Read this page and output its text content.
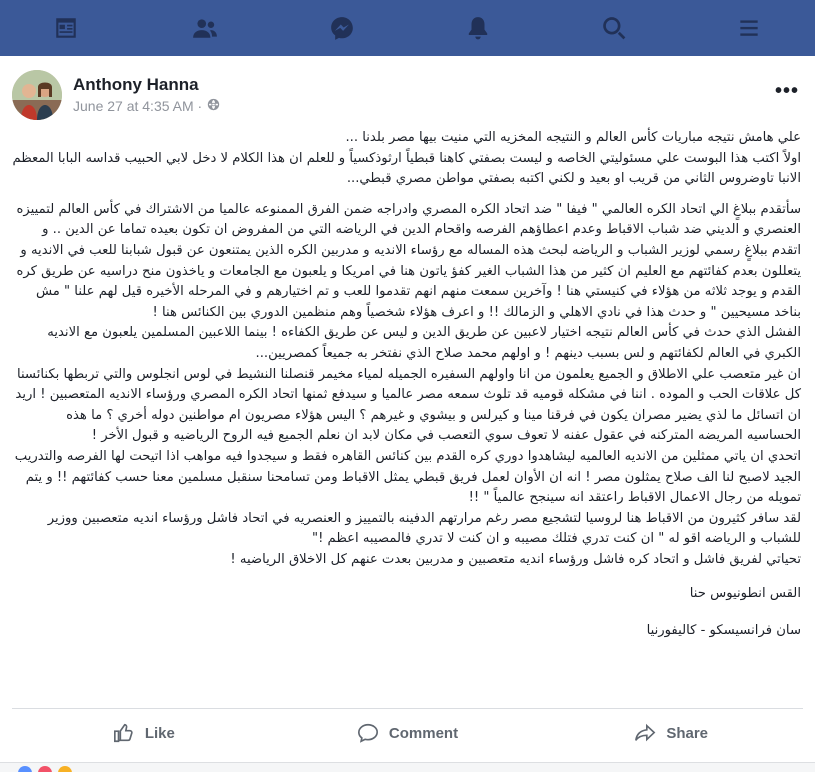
Anthony Hanna
June 27 at 4:35 AM ·
•••

علي هامش نتيجه مباريات كأس العالم و النتيجه المخزيه التي منيت بيها مصر بلدنا ...

اولاً اكتب هذا البوست علي مسئوليتي الخاصه و ليست بصفتي كاهنا قبطياً ارثوذكسياً و للعلم ان هذا الكلام لا دخل لابي الحبيب قداسه البابا المعظم الانبا تاوضروس الثاني من قريب او بعيد و لكني اكتبه بصفتي مواطن مصري قبطي...

سأتقدم ببلاغٍ الي اتحاد الكره العالمي " فيفا " ضد اتحاد الكره المصري وادراجه ضمن الفرق الممنوعه عالميا من الاشتراك في كأس العالم لتمييزه العنصري و الديني ضد شباب الاقباط وعدم اعطاؤهم الفرصه واقحام الدين في الرياضه التي من المفروض ان تكون بعيده تماما عن الدين .. و اتقدم ببلاغٍ رسمي لوزير الشباب و الرياضه لبحث هذه المساله مع رؤساء الانديه و مدربين الكره الذين يمتنعون عن قبول شبابنا للعب في الانديه و يتعللون بعدم كفائتهم مع العليم ان كثير من هذا الشباب الغير كفؤ ياتون هنا في امريكا و يلعبون مع الجامعات و ياخذون منح دراسيه عن طريق كره القدم و يوجد ثلاثه من هؤلاء في كنيستي هنا ! وآخرين سمعت منهم انهم تقدموا للعب و تم اختيارهم و في المرحله الأخيره قيل لهم علنا " مش بناخد مسيحيين " و حدث هذا في نادي الاهلي و الزمالك !! و اعرف هؤلاء شخصياً وهم منظمين الدوري بين الكنائس هنا !

الفشل الذي حدث في كأس العالم نتيجه اختيار لاعبين عن طريق الدين و ليس عن طريق الكفاءه ! بينما اللاعبين المسلمين يلعبون مع الانديه الكبري في العالم لكفائتهم و لس بسبب دينهم ! و اولهم محمد صلاح الذي نفتخر به جميعاً كمصريين...

ان غير متعصب علي الاطلاق و الجميع يعلمون من انا واولهم السفيره الجميله لمياء مخيمر قنصلنا النشيط في لوس انجلوس والتي تربطها بكنائسنا كل علاقات الحب و الموده . اننا في مشكله قوميه قد تلوث سمعه مصر عالميا و سيدفع ثمنها اتحاد الكره المصري ورؤساء الانديه المتعصبين ! اريد ان اتسائل ما لذي يضير مصران يكون في فرقنا مينا و كيرلس و بيشوي و غيرهم ؟ اليس هؤلاء مصريون ام مواطنين دوله أخري ؟ ما هذه الحساسيه المريضه المتركنه في عقول عفنه لا تعوف سوي التعصب في مكان لابد ان نعلم الجميع فيه الروح الرياضيه و قبول الأخر !

اتحدي ان ياتي ممثلين من الانديه العالميه ليشاهدوا دوري كره القدم بين كنائس القاهره فقط و سيجدوا فيه مواهب اذا اتيحت لها الفرصه والتدريب الجيد لاصبح لنا الف صلاح يمثلون مصر ! انه ان الأوان لعمل فريق قبطي يمثل الاقباط ومن تسامحنا سنقبل مسلمين معنا حسب كفائتهم !! و يتم تمويله من رجال الاعمال الاقباط راعتقد انه سينجح عالمياً " !!

لقد سافر كثيرون من الاقباط هنا لروسيا لتشجيع مصر رغم مرارتهم الدفينه بالتمييز و العنصريه في اتحاد فاشل ورؤساء انديه متعصبين ووزير للشباب و الرياضه اقو له " ان كنت تدري فتلك مصيبه و ان كنت لا تدري فالمصيبه اعظم !"

تحياتي لفريق فاشل و اتحاد كره فاشل ورؤساء انديه متعصبين و مدربين بعدت عنهم كل الاخلاق الرياضيه !

القس انطونيوس حنا

سان فرانسيسكو - كاليفورنيا

Like	Comment	Share
